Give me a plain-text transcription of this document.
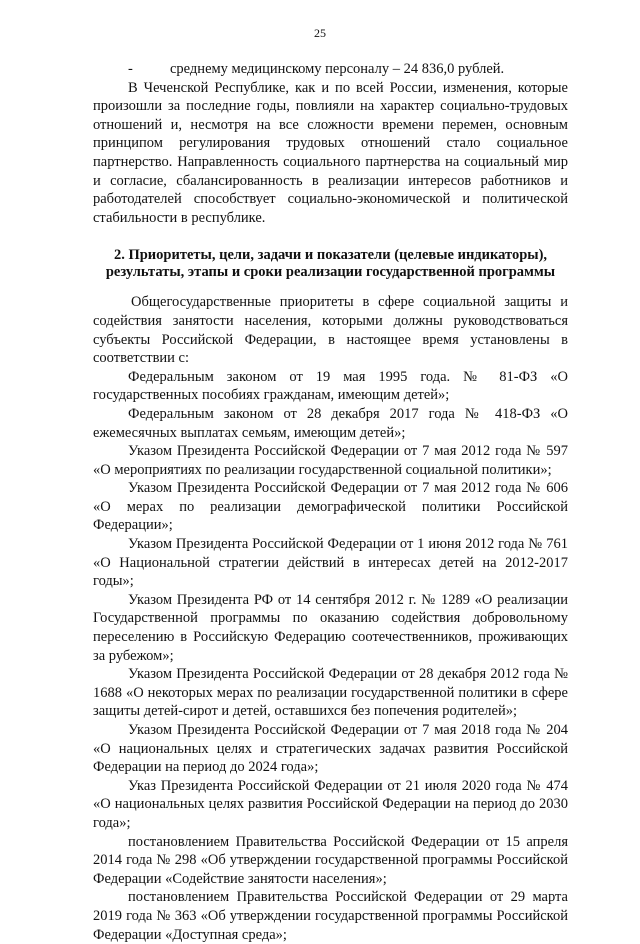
25

-	среднему медицинскому персоналу – 24 836,0 рублей.

В Чеченской Республике, как и по всей России, изменения, которые произошли за последние годы, повлияли на характер социально-трудовых отношений и, несмотря на все сложности времени перемен, основным принципом регулирования трудовых отношений стало социальное партнерство. Направленность социального партнерства на социальный мир и согласие, сбалансированность в реализации интересов работников и работодателей способствует социально-экономической и политической стабильности в республике.

2. Приоритеты, цели, задачи и показатели (целевые индикаторы), результаты, этапы и сроки реализации государственной программы

Общегосударственные приоритеты в сфере социальной защиты и содействия занятости населения, которыми должны руководствоваться субъекты Российской Федерации, в настоящее время установлены в соответствии с:

Федеральным законом от 19 мая 1995 года. № 81-ФЗ «О государственных пособиях гражданам, имеющим детей»;

Федеральным законом от 28 декабря 2017 года № 418-ФЗ «О ежемесячных выплатах семьям, имеющим детей»;

Указом Президента Российской Федерации от 7 мая 2012 года № 597 «О мероприятиях по реализации государственной социальной политики»;

Указом Президента Российской Федерации от 7 мая 2012 года № 606 «О мерах по реализации демографической политики Российской Федерации»;

Указом Президента Российской Федерации от 1 июня 2012 года № 761 «О Национальной стратегии действий в интересах детей на 2012-2017 годы»;

Указом Президента РФ от 14 сентября 2012 г. № 1289 «О реализации Государственной программы по оказанию содействия добровольному переселению в Российскую Федерацию соотечественников, проживающих за рубежом»;

Указом Президента Российской Федерации от 28 декабря 2012 года № 1688 «О некоторых мерах по реализации государственной политики в сфере защиты детей-сирот и детей, оставшихся без попечения родителей»;

Указом Президента Российской Федерации от 7 мая 2018 года № 204 «О национальных целях и стратегических задачах развития Российской Федерации на период до 2024 года»;

Указ Президента Российской Федерации от 21 июля 2020 года № 474 «О национальных целях развития Российской Федерации на период до 2030 года»;

постановлением Правительства Российской Федерации от 15 апреля 2014 года № 298 «Об утверждении государственной программы Российской Федерации «Содействие занятости населения»;

постановлением Правительства Российской Федерации от 29 марта 2019 года № 363 «Об утверждении государственной программы Российской Федерации «Доступная среда»;
